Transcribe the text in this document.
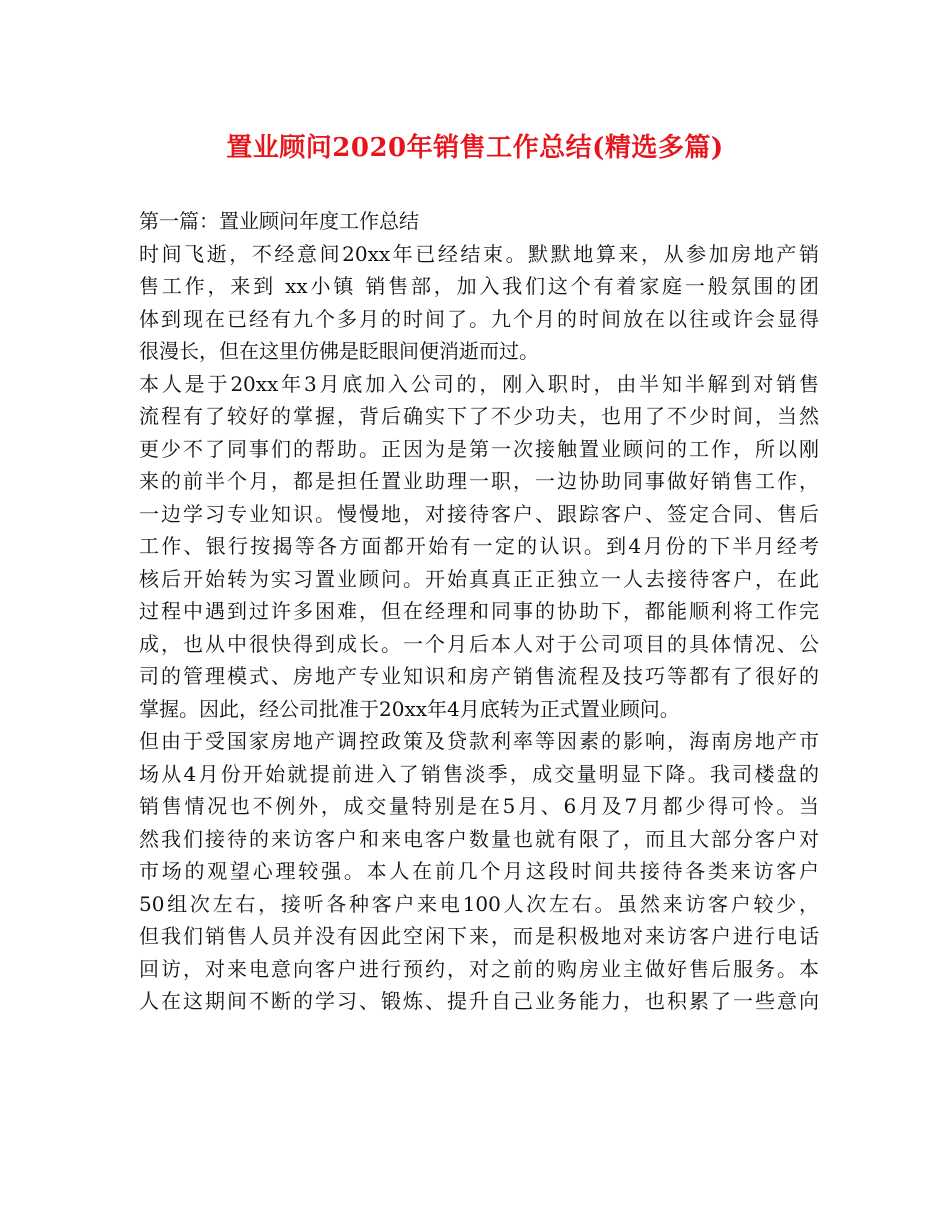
置业顾问2020年销售工作总结(精选多篇)
第一篇：置业顾问年度工作总结
时间飞逝，不经意间20xx年已经结束。默默地算来，从参加房地产销
售工作，来到 xx小镇 销售部，加入我们这个有着家庭一般氛围的团
体到现在已经有九个多月的时间了。九个月的时间放在以往或许会显得
很漫长，但在这里仿佛是眨眼间便消逝而过。
本人是于20xx年3月底加入公司的，刚入职时，由半知半解到对销售
流程有了较好的掌握，背后确实下了不少功夫，也用了不少时间，当然
更少不了同事们的帮助。正因为是第一次接触置业顾问的工作，所以刚
来的前半个月，都是担任置业助理一职，一边协助同事做好销售工作，
一边学习专业知识。慢慢地，对接待客户、跟踪客户、签定合同、售后
工作、银行按揭等各方面都开始有一定的认识。到4月份的下半月经考
核后开始转为实习置业顾问。开始真真正正独立一人去接待客户，在此
过程中遇到过许多困难，但在经理和同事的协助下，都能顺利将工作完
成，也从中很快得到成长。一个月后本人对于公司项目的具体情况、公
司的管理模式、房地产专业知识和房产销售流程及技巧等都有了很好的
掌握。因此，经公司批准于20xx年4月底转为正式置业顾问。
但由于受国家房地产调控政策及贷款利率等因素的影响，海南房地产市
场从4月份开始就提前进入了销售淡季，成交量明显下降。我司楼盘的
销售情况也不例外，成交量特别是在5月、6月及7月都少得可怜。当
然我们接待的来访客户和来电客户数量也就有限了，而且大部分客户对
市场的观望心理较强。本人在前几个月这段时间共接待各类来访客户
50组次左右，接听各种客户来电100人次左右。虽然来访客户较少，
但我们销售人员并没有因此空闲下来，而是积极地对来访客户进行电话
回访，对来电意向客户进行预约，对之前的购房业主做好售后服务。本
人在这期间不断的学习、锻炼、提升自己业务能力，也积累了一些意向
